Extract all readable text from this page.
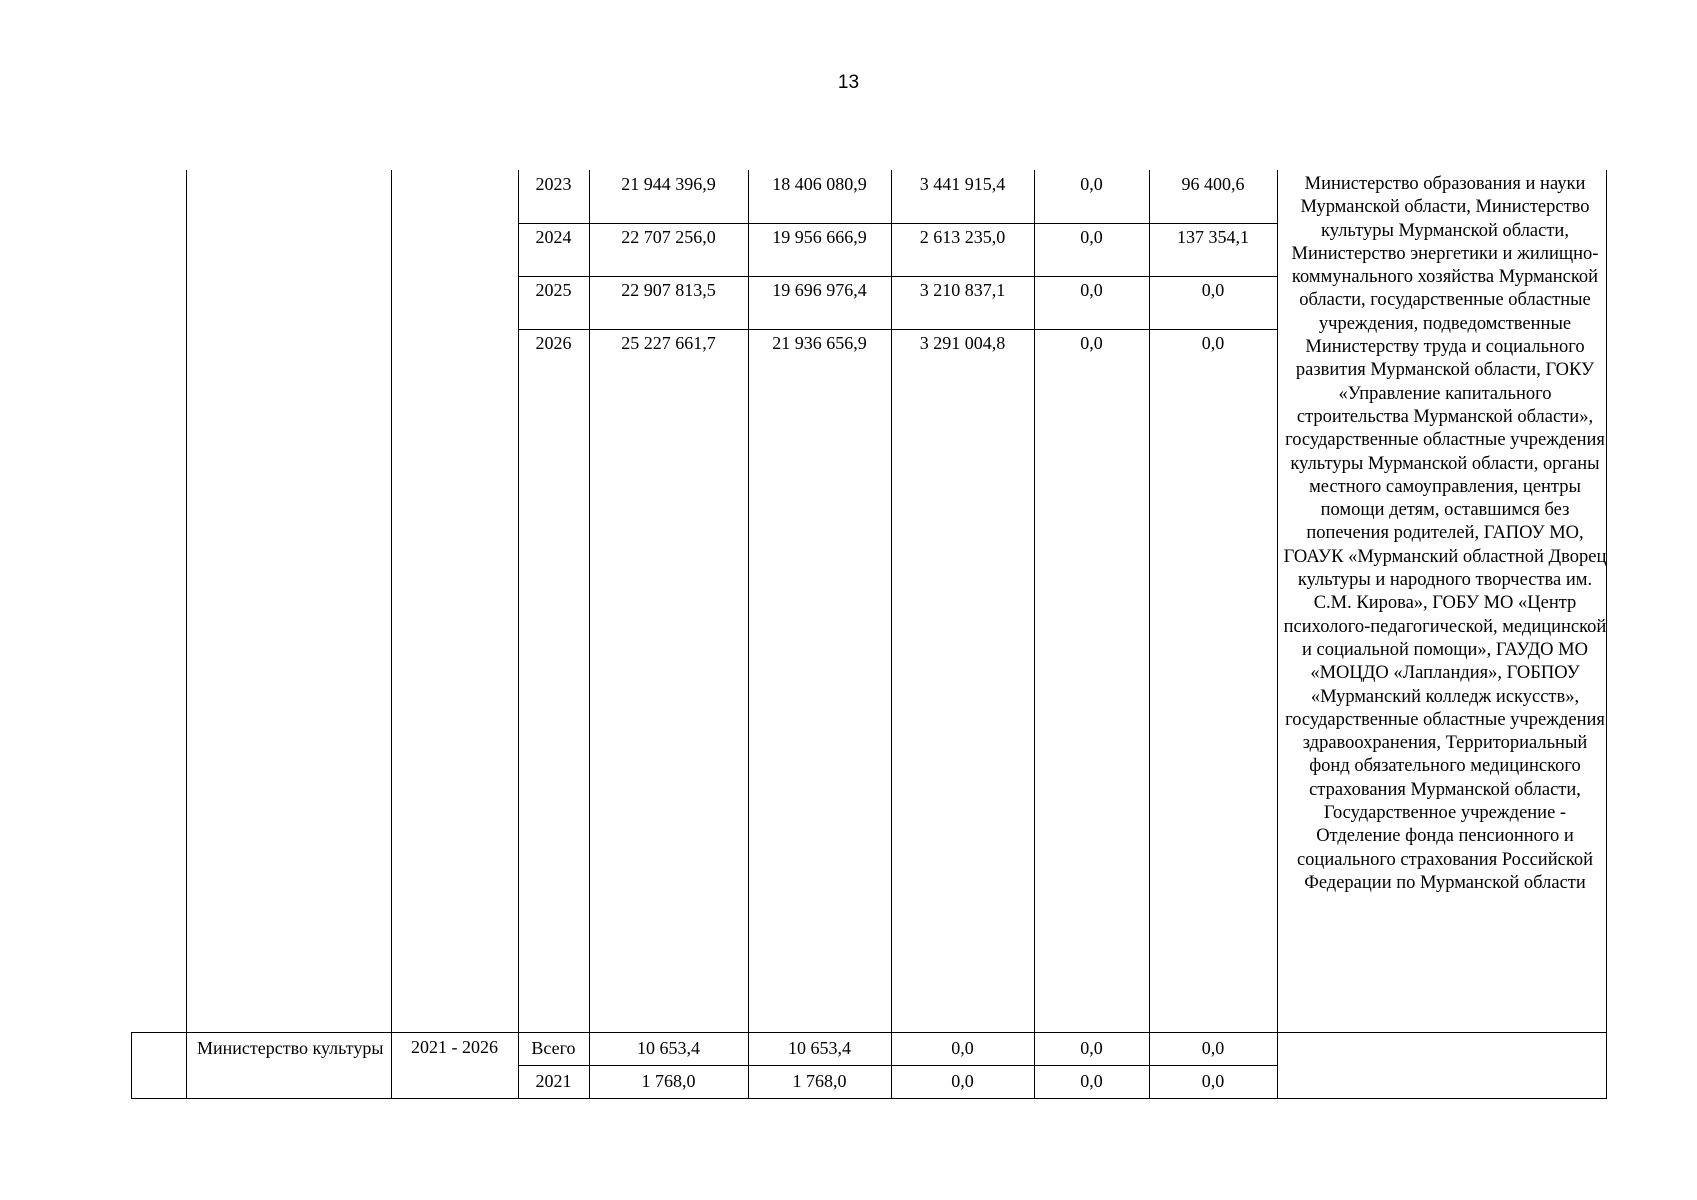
13
2023	21 944 396,9	18 406 080,9	3 441 915,4	0,0	96 400,6
2024	22 707 256,0	19 956 666,9	2 613 235,0	0,0	137 354,1
2025	22 907 813,5	19 696 976,4	3 210 837,1	0,0	0,0
2026	25 227 661,7	21 936 656,9	3 291 004,8	0,0	0,0
Министерство образования и науки Мурманской области, Министерство культуры Мурманской области, Министерство энергетики и жилищно-коммунального хозяйства Мурманской области, государственные областные учреждения, подведомственные Министерству труда и социального развития Мурманской области, ГОКУ «Управление капитального строительства Мурманской области», государственные областные учреждения культуры Мурманской области, органы местного самоуправления, центры помощи детям, оставшимся без попечения родителей, ГАПОУ МО, ГОАУК «Мурманский областной Дворец культуры и народного творчества им. С.М. Кирова», ГОБУ МО «Центр психолого-педагогической, медицинской и социальной помощи», ГАУДО МО «МОЦДО «Лапландия», ГОБПОУ «Мурманский колледж искусств», государственные областные учреждения здравоохранения, Территориальный фонд обязательного медицинского страхования Мурманской области, Государственное учреждение - Отделение фонда пенсионного и социального страхования Российской Федерации по Мурманской области
Министерство культуры	2021 - 2026	Всего	10 653,4	10 653,4	0,0	0,0	0,0
2021	1 768,0	1 768,0	0,0	0,0	0,0
